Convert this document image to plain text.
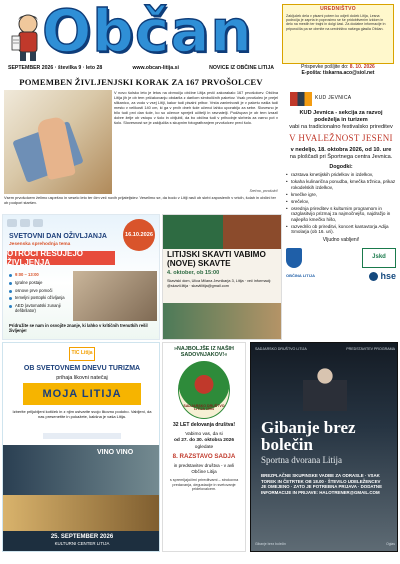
Občan	UREDNIŠTVO
Zaključek dela v pisarni potem ko odjeti doček Litija, Lesna področja je zaprta in poprosimo se še pridobitvenim izidom in delo na mestih ter trajni in dolgi časi. Za dodatne informacije in priporočila pa se obrnite na uredništvo našega glasila Občan.
SEPTEMBER 2026 · številka 9 · leto 28	www.obcan-litija.si	NOVICE IZ OBČINE LITIJA	Prispevke pošljite do: 8. 10. 2026
E-pošta: tiskarna.aco@siol.net
POMEMBEN ŽIVLJENJSKI KORAK ZA 167 PRVOŠOLCEV
V novo šolsko leto je letos na območju občine Litija prvič zakorakalo 167 prvošolcev. Občina Litija jih je ob tem pričakovanju obdarila z darilom simboličnih paketov. Vsak prvošolec je prejel slikanico, za vodo v vsej Litiji, kakor tudi pisalni pribor. Vrsta zanimivosti je v paketu našla tudi mesto v velikosti 140 cm, ki ga v prvih dneh šole učenci lahko uporabijo za sebe. Slovesno je bilo tudi prvi dan šole, ko so učence sprejeli učitelji in ravnatelji. Podžupan je ob tem izrazil dobre želje ob vstopu v šolo in obljubil, da bo občina tudi v prihodnje skrbela za varno pot v šolo. Slovesnost se je zaključila s skupnim fotografiranjem prvošolcev pred šolo.
Srečno, prvošolci!
Vsem prvošolcem želimo uspešno in veselo leto ter čim več novih prijateljstev. Veselimo se, da bodo v Litiji rasli ob skrbi zaposlenih v vrtcih, šolah in občini ter ob podpori staršev.
KUD JEVNICA
KUD Jevnica - sekcija za razvoj podeželja in turizem
vabi na tradicionalno festivalsko prireditev
V HVALEŽNOST JESENI
v nedeljo, 18. oktobra 2026, od 10. ure
na ploščadi pri Športnega centra Jevnica.
Dogodki:
• razstava kmetijskih pridelkov in izdelkov,
• tokaha kulinarična ponudba, kmečka tržnica, prikaz rokodelskih izdelkov,
• kmečke igre,
• srečelov,
• osrednja prireditev s kulturnim programom in razglasitvijo prizmaj za najmočnejšo, najdražjo in najlepšo kmečko hišo,
• razvedrilo ob prireditvi, koncert kantavtorja Adija Smolarja (ob 16. uri).
Vljudno vabljeni!
Jskd
OBČINA LITIJA	hse
16.10.2026
SVETOVNI DAN OŽIVLJANJA
Jesenska sprehodnja tema
OTROCI REŠUJEJO ŽIVLJENJA
9:00 – 13:00
Igralne postaje
osnove prve pomoči
temeljni postopki oživljanja
AED (avtomatski zunanji defibrilator)
Pridružite se nam in osvojite znanje, ki lahko v kritičnih trenutkih rešil življenje!
LITIJSKI SKAVTI VABIMO (NOVE) SKAVTE
4. oktober, ob 15:00
Skavtski dom, Ulica Milana Jevnikarja 3, Litija · več informacij: @skavti.litija · skavtilitija@gmail.com
TIC Litija
OB SVETOVNEM DNEVU TURIZMA
prihaja likovni natečaj
MOJA LITIJA
Izberite priljubljeni kotiček in z njim ustvarite svojo likovno podobo. Vabljeni, da nas presenetite in pokažete, kakšna je vaša Litija.
VINO VINO
25. SEPTEMBER 2026
KULTURNI CENTER LITIJA
»NAJBOLJŠE IZ NAŠIH SADOVNJAKOV!«
SADJARSKO DRUŠTVO LITIJA 1994
32 LET delovanja društva!
Vabimo vas, da si
od 27. do 30. oktobra 2026
ogledate
8. RAZSTAVO SADJA
in predstavitev društva - v avli Občine Litija
s spremljajočimi prireditvami – strokovna predavanja, degustacije in svetovanje pridelovalcem.
SADJARSKO DRUŠTVO LITIJA	PREDSTAVITEV PROGRAMA
Gibanje brez bolečin
Sportna dvorana Litija
BREZPLAČNE SKUPINSKE VADBE ZA ODRASLE · VSAK TOREK IN ČETRTEK OB 18.00 · ŠTEVILO UDELEŽENCEV JE OMEJENO · ZATO JE POTREBNA PRIJAVA · DODATNE INFORMACIJE IN PRIJAVE: HALOTRENER@GMAIL.COM
Gibanje brez bolečin	Oglas
